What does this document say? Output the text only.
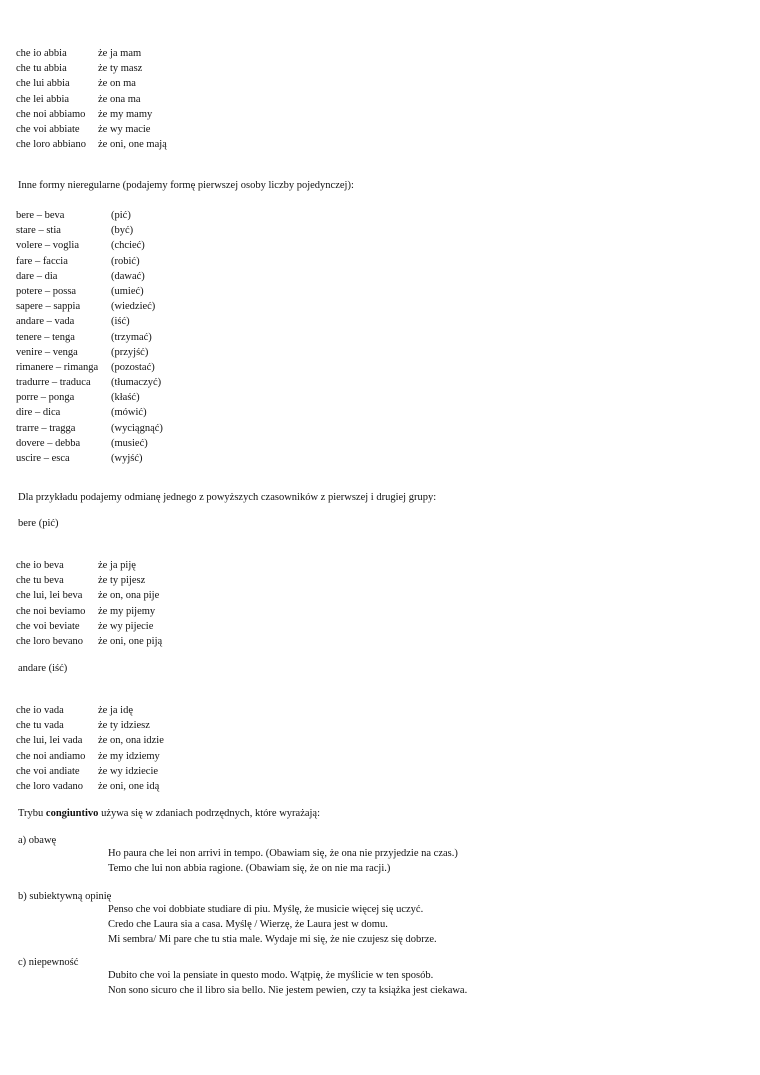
che io abbia	że ja mam
che tu abbia	że ty masz
che lui abbia	że on ma
che lei abbia	że ona ma
che noi abbiamo	że my mamy
che voi abbiate	że wy macie
che loro abbiano	że oni, one mają
Inne formy nieregularne (podajemy formę pierwszej osoby liczby pojedynczej):
bere – beva	(pić)
stare – stia	(być)
volere – voglia	(chcieć)
fare – faccia	(robić)
dare – dia	(dawać)
potere – possa	(umieć)
sapere – sappia	(wiedzieć)
andare – vada	(iść)
tenere – tenga	(trzymać)
venire – venga	(przyjść)
rimanere – rimanga	(pozostać)
tradurre – traduca	(tłumaczyć)
porre – ponga	(kłaść)
dire – dica	(mówić)
trarre – tragga	(wyciągnąć)
dovere – debba	(musieć)
uscire – esca	(wyjść)
Dla przykładu podajemy odmianę jednego z powyższych czasowników z pierwszej i drugiej grupy:
bere (pić)
che io beva	że ja piję
che tu beva	że ty pijesz
che lui, lei beva	że on, ona pije
che noi beviamo	że my pijemy
che voi beviate	że wy pijecie
che loro bevano	że oni, one piją
andare (iść)
che io vada	że ja idę
che tu vada	że ty idziesz
che lui, lei vada	że on, ona idzie
che noi andiamo	że my idziemy
che voi andiate	że wy idziecie
che loro vadano	że oni, one idą
Trybu congiuntivo używa się w zdaniach podrzędnych, które wyrażają:
a) obawę
Ho paura che lei non arrivi in tempo. (Obawiam się, że ona nie przyjedzie na czas.)
Temo che lui non abbia ragione. (Obawiam się, że on nie ma racji.)
b) subiektywną opinię
Penso che voi dobbiate studiare di piu. Myślę, że musicie więcej się uczyć.
Credo che Laura sia a casa. Myślę / Wierzę, że Laura jest w domu.
Mi sembra/ Mi pare che tu stia male. Wydaje mi się, że nie czujesz się dobrze.
c) niepewność
Dubito che voi la pensiate in questo modo. Wątpię, że myślicie w ten sposób.
Non sono sicuro che il libro sia bello. Nie jestem pewien, czy ta książka jest ciekawa.
